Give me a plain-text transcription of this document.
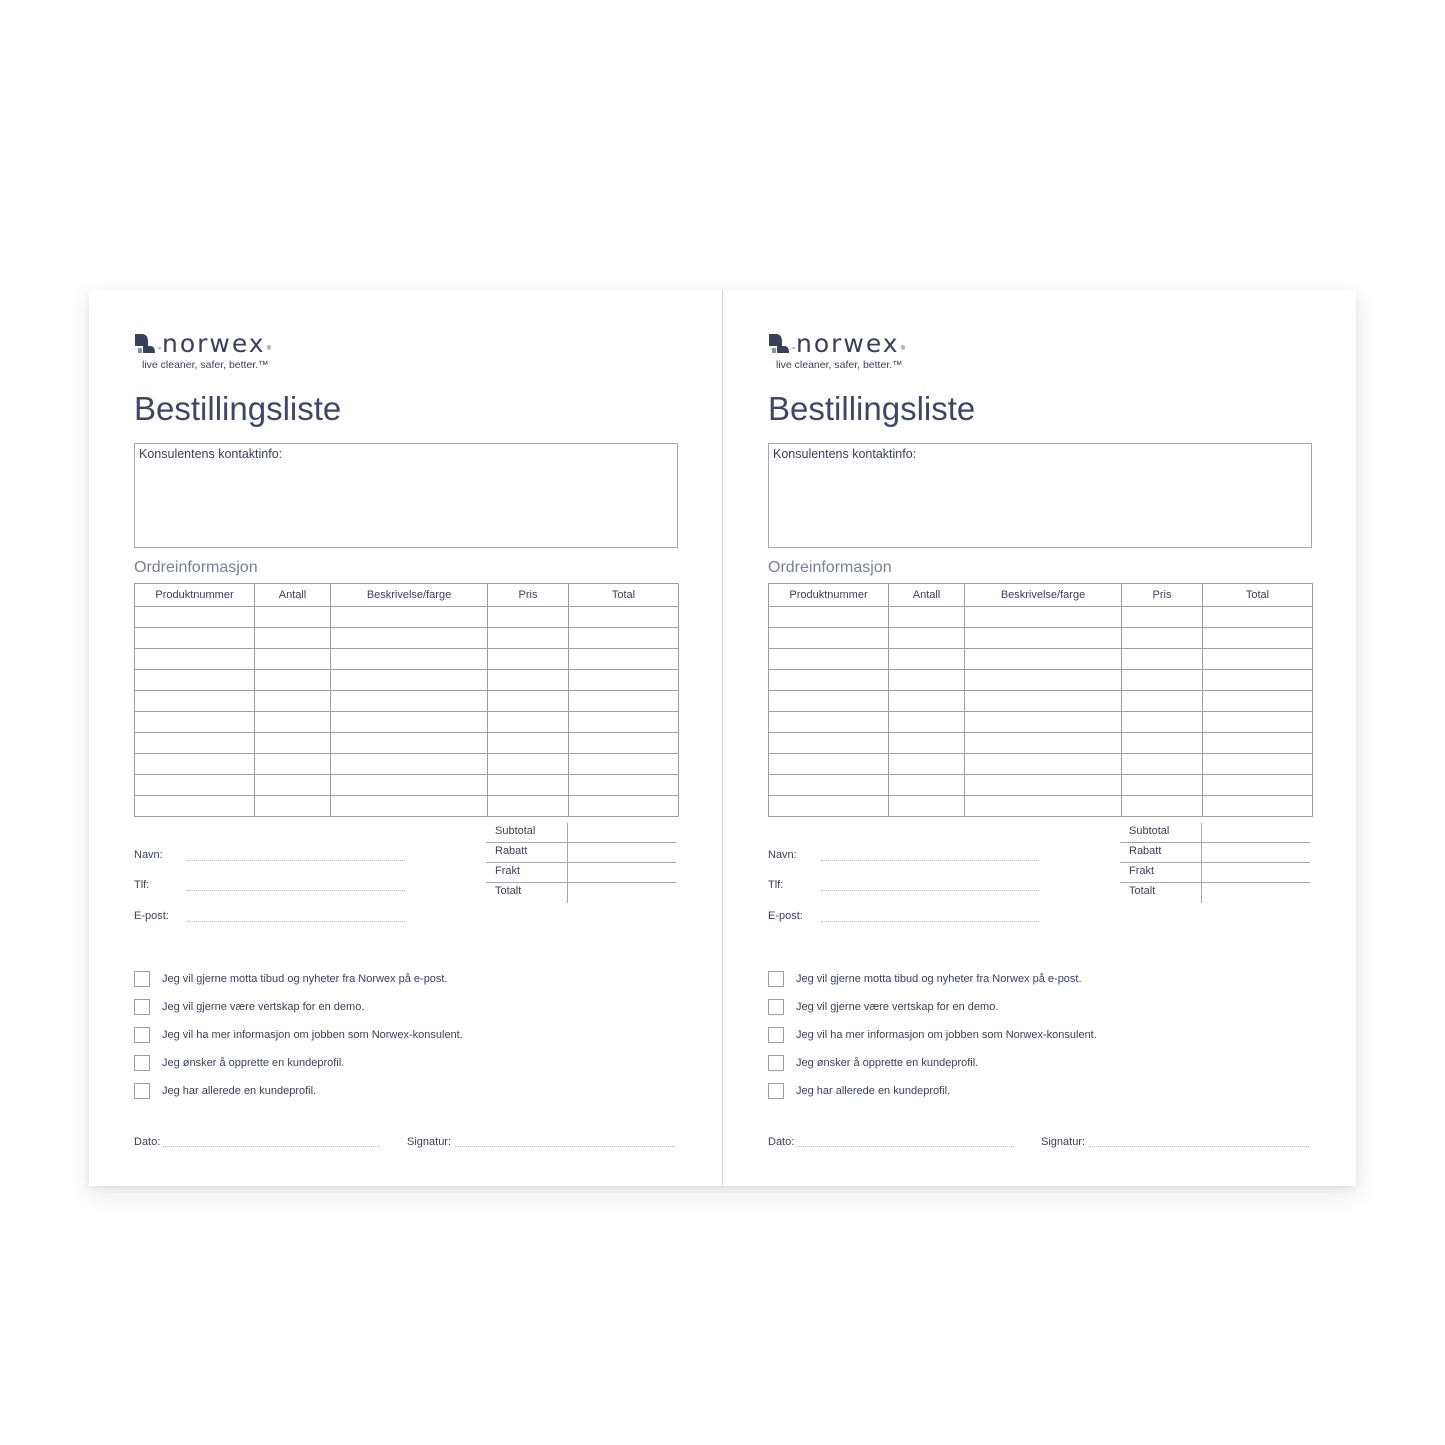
™ norwex ®
live cleaner, safer, better.™
Bestillingsliste
Konsulentens kontaktinfo:
Ordreinformasjon
Produktnummer	Antall	Beskrivelse/farge	Pris	Total

Subtotal
Rabatt
Frakt
Totalt
Navn:
Tlf:
E-post:
Jeg vil gjerne motta tibud og nyheter fra Norwex på e-post.
Jeg vil gjerne være vertskap for en demo.
Jeg vil ha mer informasjon om jobben som Norwex-konsulent.
Jeg ønsker å opprette en kundeprofil.
Jeg har allerede en kundeprofil.
Dato:	Signatur:
™ norwex ®
live cleaner, safer, better.™
Bestillingsliste
Konsulentens kontaktinfo:
Ordreinformasjon
Produktnummer	Antall	Beskrivelse/farge	Pris	Total

Subtotal
Rabatt
Frakt
Totalt
Navn:
Tlf:
E-post:
Jeg vil gjerne motta tibud og nyheter fra Norwex på e-post.
Jeg vil gjerne være vertskap for en demo.
Jeg vil ha mer informasjon om jobben som Norwex-konsulent.
Jeg ønsker å opprette en kundeprofil.
Jeg har allerede en kundeprofil.
Dato:	Signatur:
